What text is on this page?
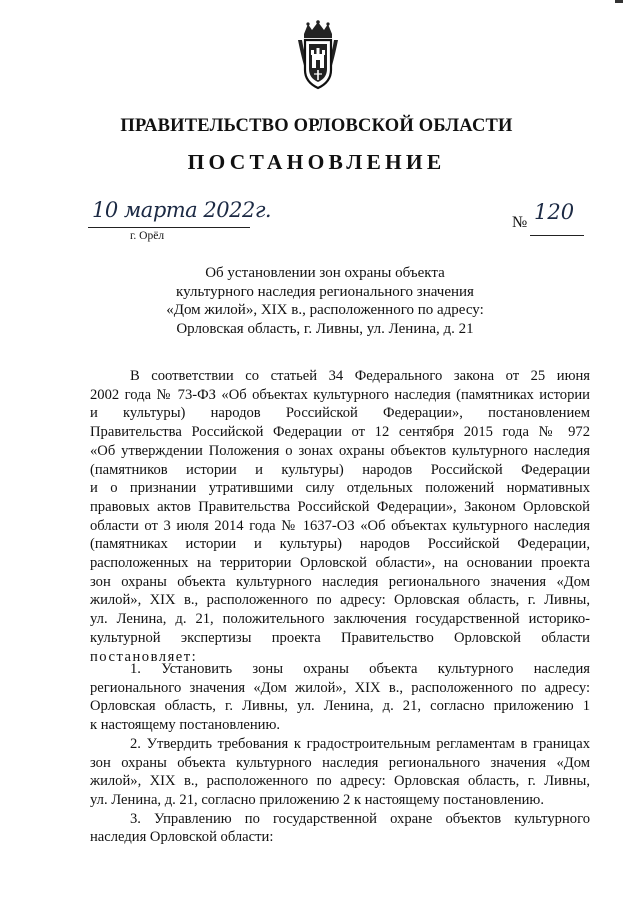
ПРАВИТЕЛЬСТВО ОРЛОВСКОЙ ОБЛАСТИ
ПОСТАНОВЛЕНИЕ
10 марта 2022г.
г. Орёл
№ 120
Об установлении зон охраны объекта
культурного наследия регионального значения
«Дом жилой», XIX в., расположенного по адресу:
Орловская область, г. Ливны, ул. Ленина, д. 21
В соответствии со статьей 34 Федерального закона от 25 июня
2002 года № 73-ФЗ «Об объектах культурного наследия (памятниках истории
и культуры) народов Российской Федерации», постановлением
Правительства Российской Федерации от 12 сентября 2015 года № 972
«Об утверждении Положения о зонах охраны объектов культурного наследия
(памятников истории и культуры) народов Российской Федерации
и о признании утратившими силу отдельных положений нормативных
правовых актов Правительства Российской Федерации», Законом Орловской
области от 3 июля 2014 года № 1637-ОЗ «Об объектах культурного наследия
(памятниках истории и культуры) народов Российской Федерации,
расположенных на территории Орловской области», на основании проекта
зон охраны объекта культурного наследия регионального значения «Дом
жилой», XIX в., расположенного по адресу: Орловская область, г. Ливны,
ул. Ленина, д. 21, положительного заключения государственной историко-
культурной экспертизы проекта Правительство Орловской области
постановляет:
1. Установить зоны охраны объекта культурного наследия
регионального значения «Дом жилой», XIX в., расположенного по адресу:
Орловская область, г. Ливны, ул. Ленина, д. 21, согласно приложению 1
к настоящему постановлению.
2. Утвердить требования к градостроительным регламентам в границах
зон охраны объекта культурного наследия регионального значения «Дом
жилой», XIX в., расположенного по адресу: Орловская область, г. Ливны,
ул. Ленина, д. 21, согласно приложению 2 к настоящему постановлению.
3. Управлению по государственной охране объектов культурного
наследия Орловской области:
